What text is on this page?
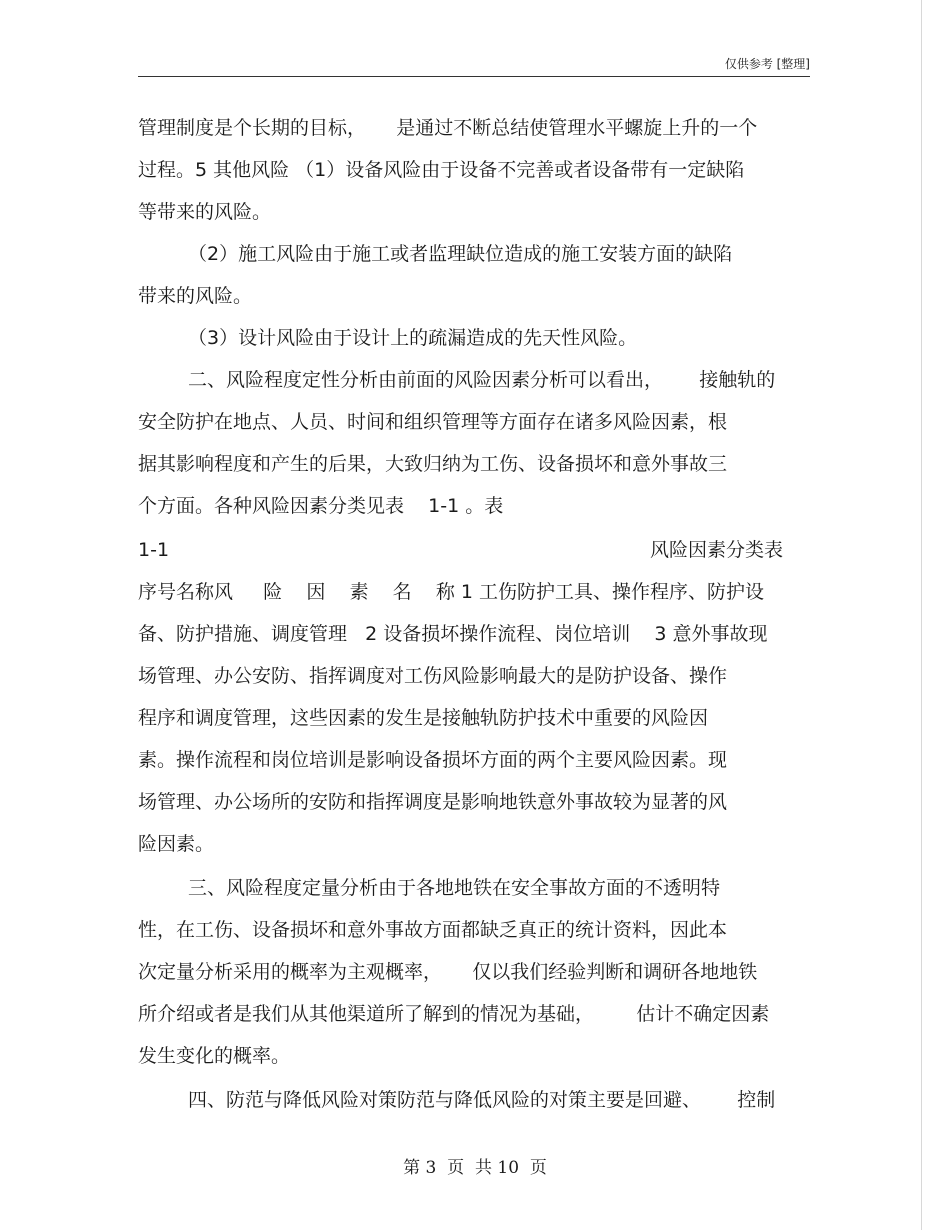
仅供参考 [整理]
管理制度是个长期的目标，     是通过不断总结使管理水平螺旋上升的一个
过程。5 其他风险 （1）设备风险由于设备不完善或者设备带有一定缺陷
等带来的风险。
（2）施工风险由于施工或者监理缺位造成的施工安装方面的缺陷
带来的风险。
（3）设计风险由于设计上的疏漏造成的先天性风险。
二、风险程度定性分析由前面的风险因素分析可以看出，      接触轨的
安全防护在地点、人员、时间和组织管理等方面存在诸多风险因素，根
据其影响程度和产生的后果，大致归纳为工伤、设备损坏和意外事故三
个方面。各种风险因素分类见表    1-1 。表
1-1	风险因素分类表
序号名称风     险    因    素    名    称 1 工伤防护工具、操作程序、防护设
备、防护措施、调度管理   2 设备损坏操作流程、岗位培训    3 意外事故现
场管理、办公安防、指挥调度对工伤风险影响最大的是防护设备、操作
程序和调度管理，这些因素的发生是接触轨防护技术中重要的风险因
素。操作流程和岗位培训是影响设备损坏方面的两个主要风险因素。现
场管理、办公场所的安防和指挥调度是影响地铁意外事故较为显著的风
险因素。
三、风险程度定量分析由于各地地铁在安全事故方面的不透明特
性，在工伤、设备损坏和意外事故方面都缺乏真正的统计资料，因此本
次定量分析采用的概率为主观概率，     仅以我们经验判断和调研各地地铁
所介绍或者是我们从其他渠道所了解到的情况为基础，       估计不确定因素
发生变化的概率。
四、防范与降低风险对策防范与降低风险的对策主要是回避、      控制
第 3  页  共 10  页
